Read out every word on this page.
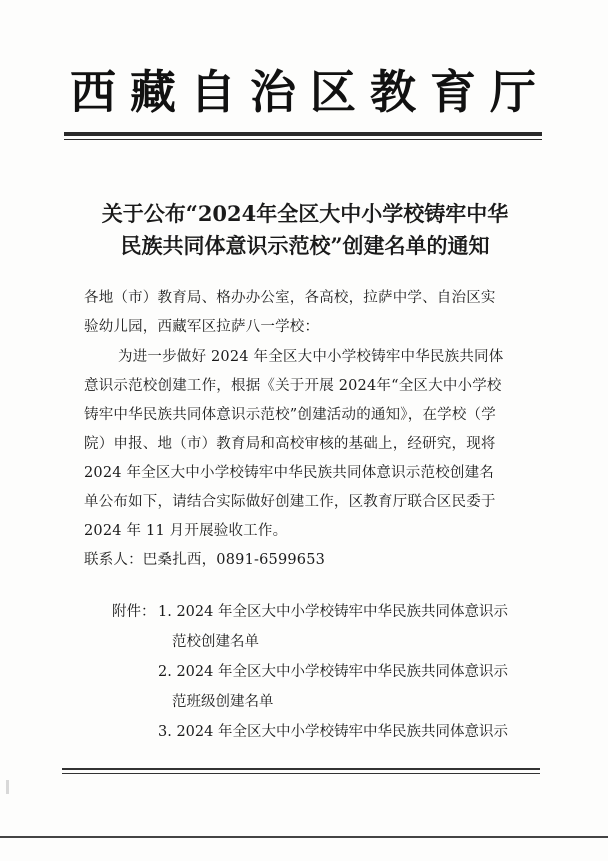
西藏自治区教育厅
关于公布“2024年全区大中小学校铸牢中华
民族共同体意识示范校”创建名单的通知
各地（市）教育局、格办办公室，各高校，拉萨中学、自治区实
验幼儿园，西藏军区拉萨八一学校：
为进一步做好 2024 年全区大中小学校铸牢中华民族共同体
意识示范校创建工作，根据《关于开展 2024年“全区大中小学校
铸牢中华民族共同体意识示范校”创建活动的通知》，在学校（学
院）申报、地（市）教育局和高校审核的基础上，经研究，现将
2024 年全区大中小学校铸牢中华民族共同体意识示范校创建名
单公布如下，请结合实际做好创建工作，区教育厅联合区民委于
2024 年 11 月开展验收工作。
联系人：巴桑扎西，0891-6599653
附件： 1. 2024 年全区大中小学校铸牢中华民族共同体意识示
范校创建名单
2. 2024 年全区大中小学校铸牢中华民族共同体意识示
范班级创建名单
3. 2024 年全区大中小学校铸牢中华民族共同体意识示
